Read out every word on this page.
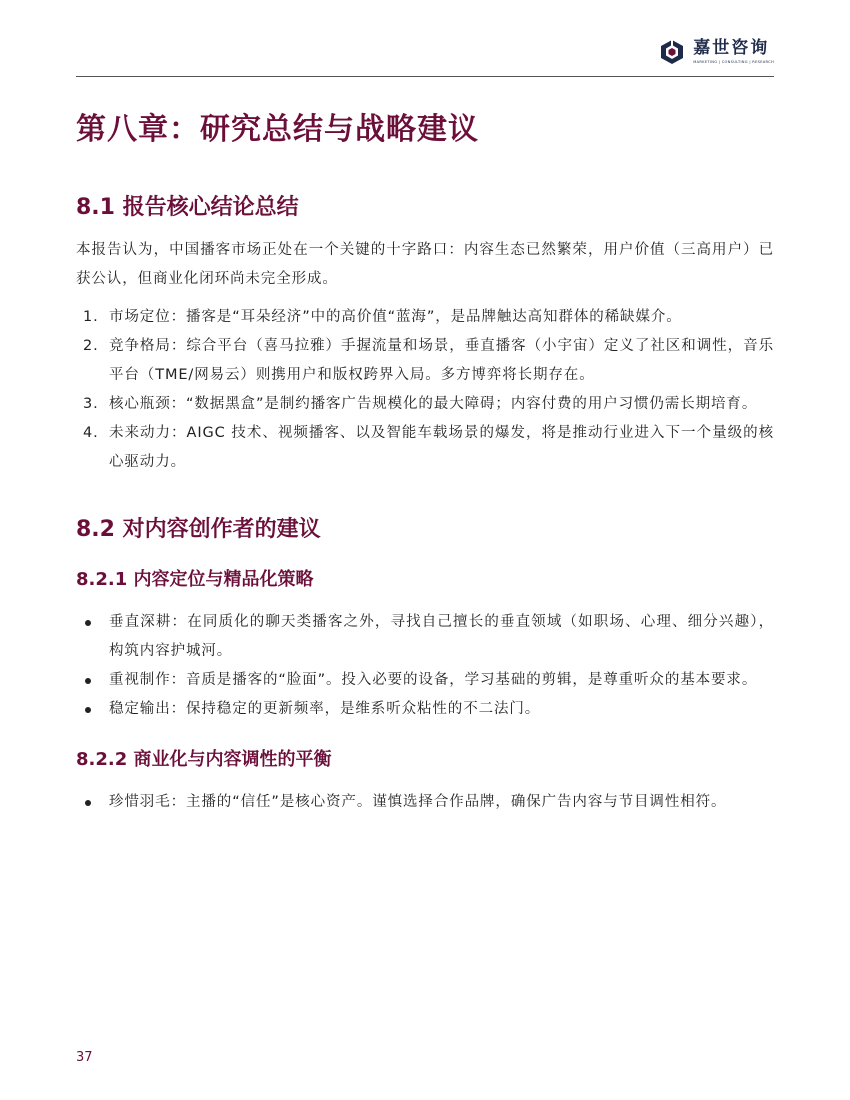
嘉世咨询
MARKETING | CONSULTING | RESEARCH
第八章：研究总结与战略建议
8.1 报告核心结论总结

本报告认为，中国播客市场正处在一个关键的十字路口：内容生态已然繁荣，用户价值（三高用户）已获公认，但商业化闭环尚未完全形成。

1. 市场定位：播客是“耳朵经济”中的高价值“蓝海”，是品牌触达高知群体的稀缺媒介。
2. 竞争格局：综合平台（喜马拉雅）手握流量和场景，垂直播客（小宇宙）定义了社区和调性，音乐平台（TME/网易云）则携用户和版权跨界入局。多方博弈将长期存在。
3. 核心瓶颈：“数据黑盒”是制约播客广告规模化的最大障碍；内容付费的用户习惯仍需长期培育。
4. 未来动力：AIGC 技术、视频播客、以及智能车载场景的爆发，将是推动行业进入下一个量级的核心驱动力。
8.2 对内容创作者的建议
8.2.1 内容定位与精品化策略
垂直深耕：在同质化的聊天类播客之外，寻找自己擅长的垂直领域（如职场、心理、细分兴趣），构筑内容护城河。
重视制作：音质是播客的“脸面”。投入必要的设备，学习基础的剪辑，是尊重听众的基本要求。
稳定输出：保持稳定的更新频率，是维系听众粘性的不二法门。
8.2.2 商业化与内容调性的平衡
珍惜羽毛：主播的“信任”是核心资产。谨慎选择合作品牌，确保广告内容与节目调性相符。
37
